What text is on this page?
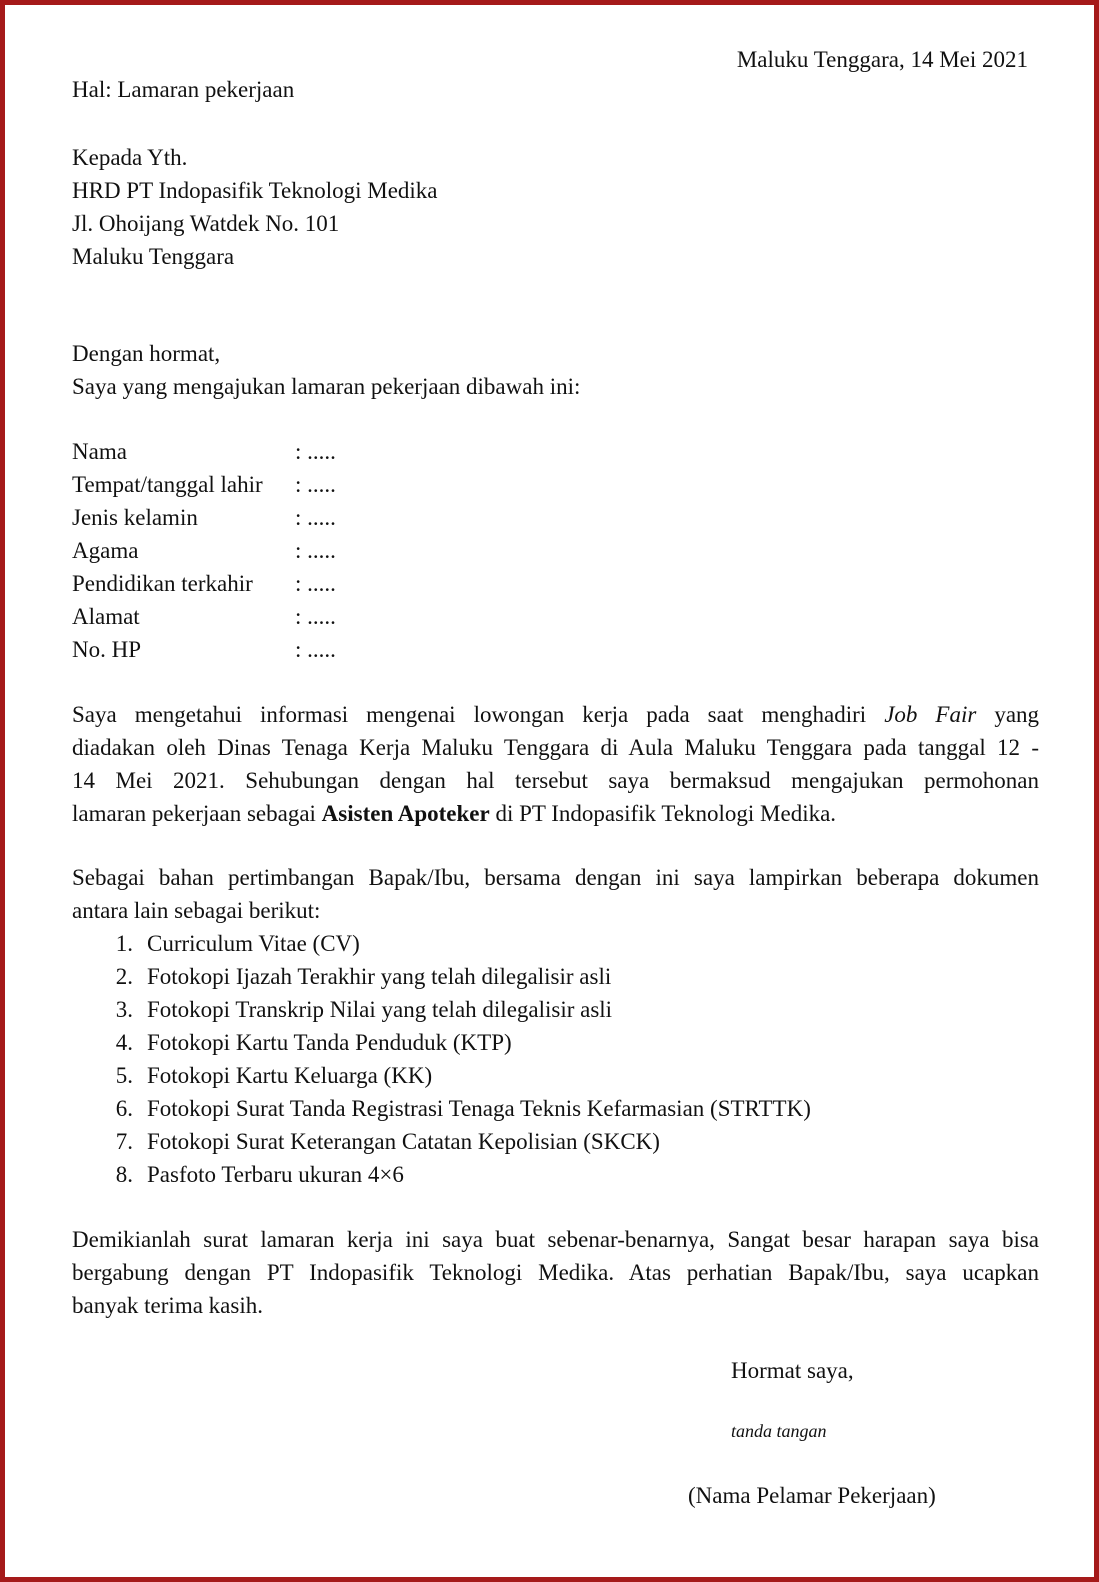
Maluku Tenggara, 14 Mei 2021
Hal: Lamaran pekerjaan
Kepada Yth.
HRD PT Indopasifik Teknologi Medika
Jl. Ohoijang Watdek No. 101
Maluku Tenggara
Dengan hormat,
Saya yang mengajukan lamaran pekerjaan dibawah ini:
Nama	: .....
Tempat/tanggal lahir : .....
Jenis kelamin	: .....
Agama	: .....
Pendidikan terkahir : .....
Alamat	: .....
No. HP	: .....
Saya mengetahui informasi mengenai lowongan kerja pada saat menghadiri Job Fair yang
diadakan oleh Dinas Tenaga Kerja Maluku Tenggara di Aula Maluku Tenggara pada tanggal 12 -
14 Mei 2021. Sehubungan dengan hal tersebut saya bermaksud mengajukan permohonan
lamaran pekerjaan sebagai Asisten Apoteker di PT Indopasifik Teknologi Medika.
Sebagai bahan pertimbangan Bapak/Ibu, bersama dengan ini saya lampirkan beberapa dokumen
antara lain sebagai berikut:
1. Curriculum Vitae (CV)
2. Fotokopi Ijazah Terakhir yang telah dilegalisir asli
3. Fotokopi Transkrip Nilai yang telah dilegalisir asli
4. Fotokopi Kartu Tanda Penduduk (KTP)
5. Fotokopi Kartu Keluarga (KK)
6. Fotokopi Surat Tanda Registrasi Tenaga Teknis Kefarmasian (STRTTK)
7. Fotokopi Surat Keterangan Catatan Kepolisian (SKCK)
8. Pasfoto Terbaru ukuran 4×6
Demikianlah surat lamaran kerja ini saya buat sebenar-benarnya, Sangat besar harapan saya bisa
bergabung dengan PT Indopasifik Teknologi Medika. Atas perhatian Bapak/Ibu, saya ucapkan
banyak terima kasih.
Hormat saya,
tanda tangan
(Nama Pelamar Pekerjaan)
